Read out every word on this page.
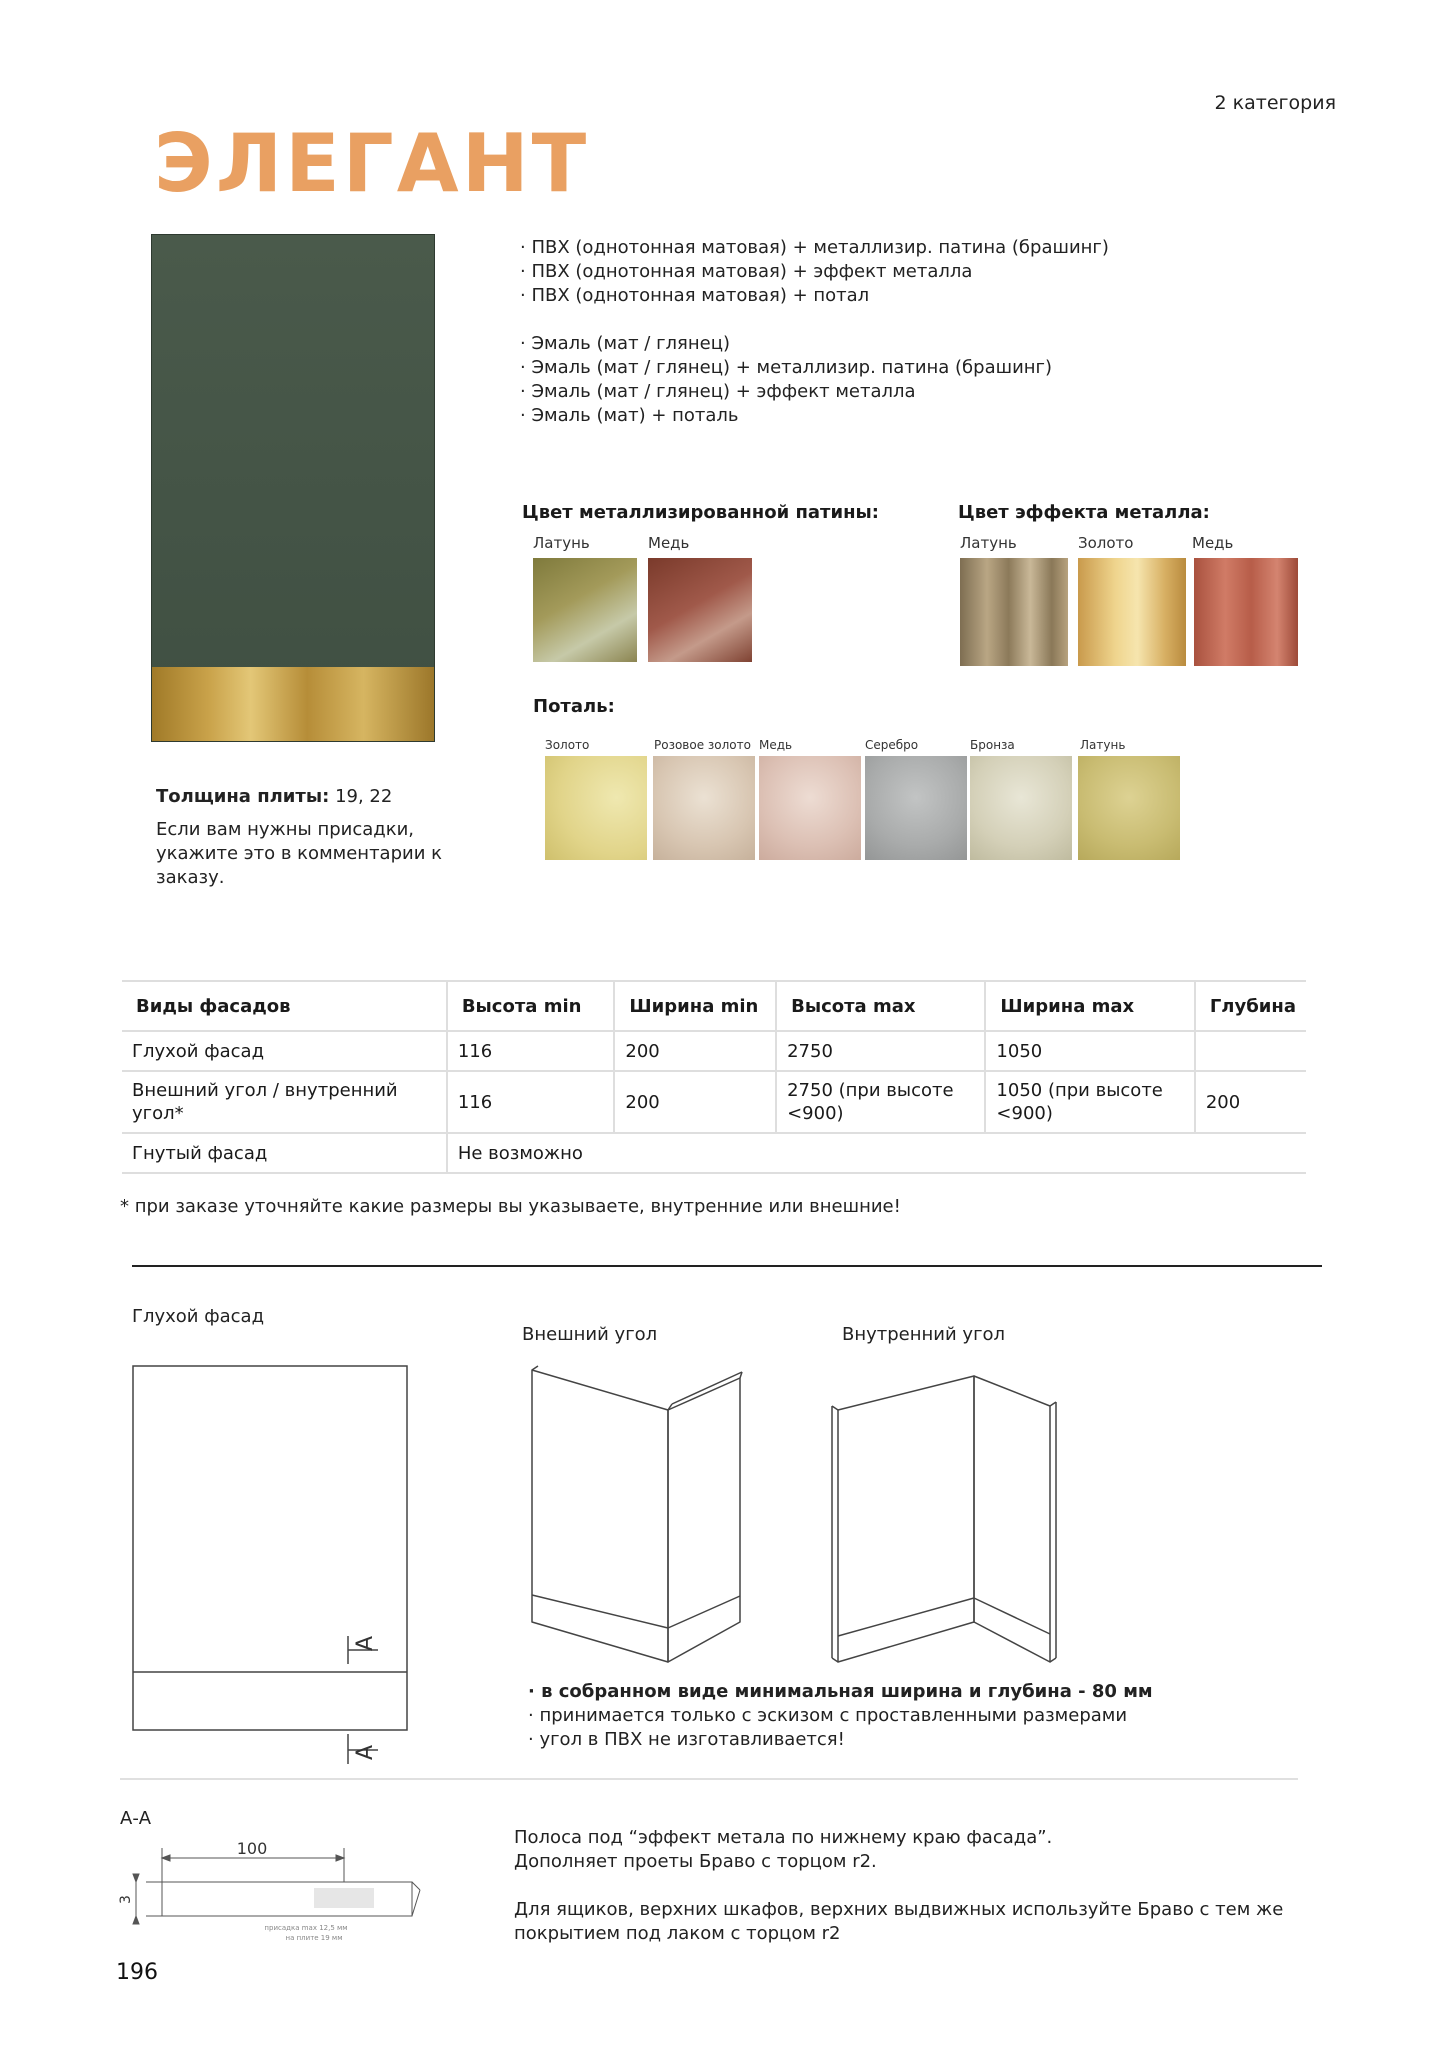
2 категория
ЭЛЕГАНТ
· ПВХ (однотонная матовая) + металлизир. патина (брашинг)
· ПВХ (однотонная матовая) + эффект металла
· ПВХ (однотонная матовая) + потал
· Эмаль (мат / глянец)
· Эмаль (мат / глянец) + металлизир. патина (брашинг)
· Эмаль (мат / глянец) + эффект металла
· Эмаль (мат) + поталь
Цвет металлизированной патины:
Латунь	Медь
Цвет эффекта металла:
Латунь	Золото	Медь
Поталь:
Золото	Розовое золото Медь	Серебро	Бронза	Латунь
Толщина плиты: 19, 22
Если вам нужны присадки, укажите это в комментарии к заказу.
Виды фасадов	Высота min	Ширина min	Высота max	Ширина max	Глубина
Глухой фасад	116	200	2750	1050	
Внешний угол / внутренний угол*	116	200	2750 (при высоте <900)	1050 (при высоте <900)	200
Гнутый фасад	Не возможно				
* при заказе уточняйте какие размеры вы указываете, внутренние или внешние!
Глухой фасад
Внешний угол	Внутренний угол
A
A
· в собранном виде минимальная ширина и глубина - 80 мм
· принимается только с эскизом с проставленными размерами
· угол в ПВХ не изготавливается!
А-А
100
3
присадка max 12,5 мм
на плите 19 мм
Полоса под “эффект метала по нижнему краю фасада”.
Дополняет проеты Браво с торцом r2.
Для ящиков, верхних шкафов, верхних выдвижных используйте Браво с тем же
покрытием под лаком с торцом r2
196
